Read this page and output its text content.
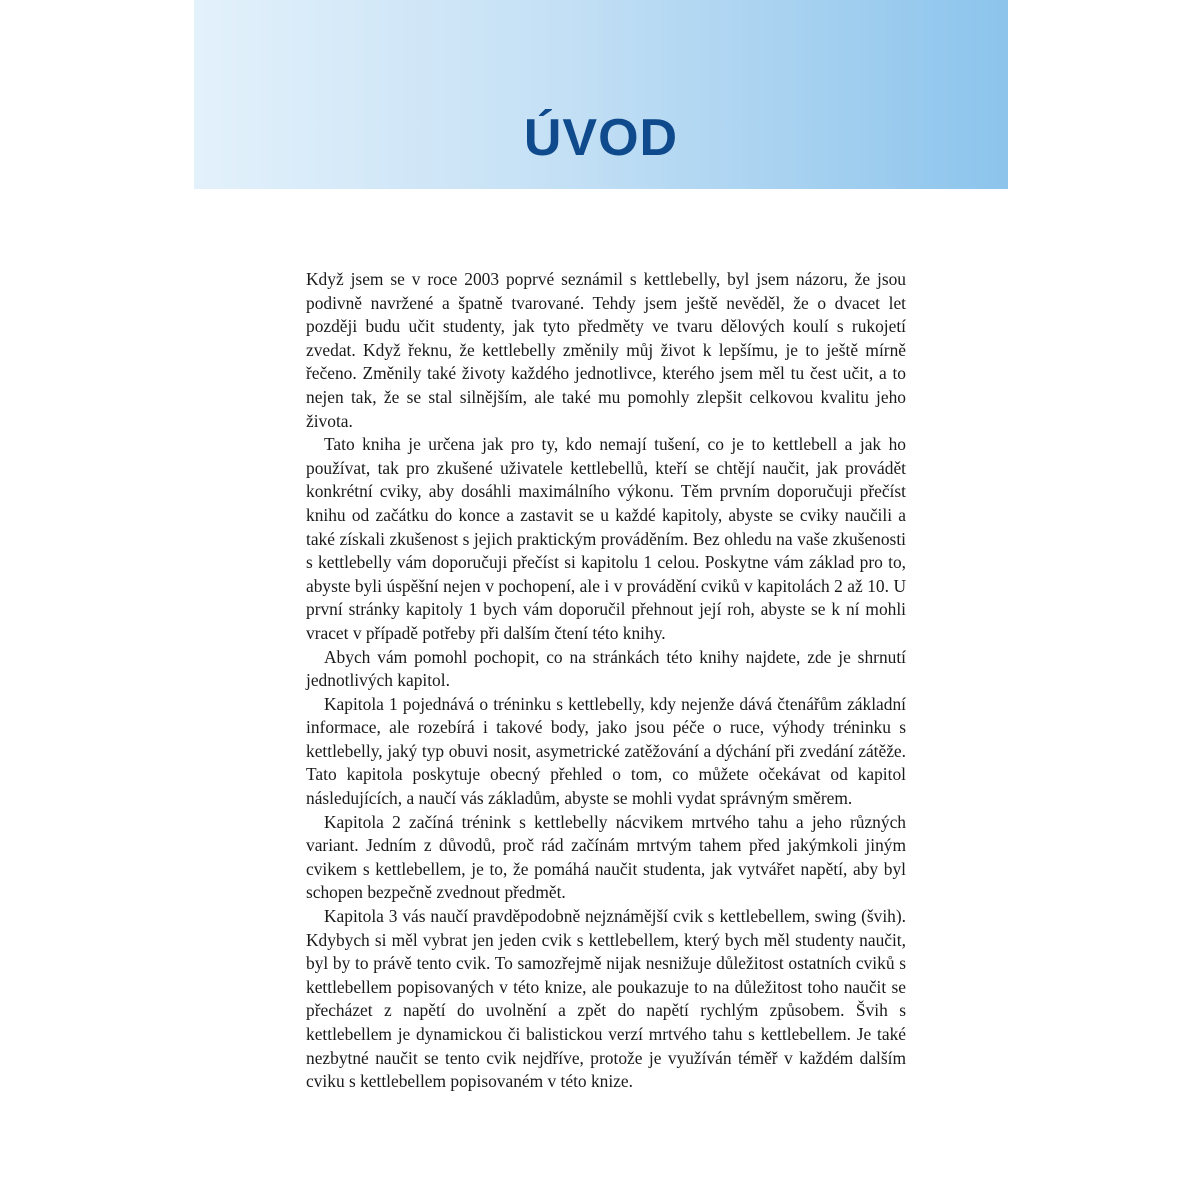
ÚVOD

Když jsem se v roce 2003 poprvé seznámil s kettlebelly, byl jsem názoru, že jsou podivně navržené a špatně tvarované. Tehdy jsem ještě nevěděl, že o dvacet let později budu učit studenty, jak tyto předměty ve tvaru dělových koulí s rukojetí zvedat. Když řeknu, že kettlebelly změnily můj život k lepšímu, je to ještě mírně řečeno. Změnily také životy každého jednotlivce, kterého jsem měl tu čest učit, a to nejen tak, že se stal silnějším, ale také mu pomohly zlepšit celkovou kvalitu jeho života.

Tato kniha je určena jak pro ty, kdo nemají tušení, co je to kettlebell a jak ho používat, tak pro zkušené uživatele kettlebellů, kteří se chtějí naučit, jak provádět konkrétní cviky, aby dosáhli maximálního výkonu. Těm prvním doporučuji přečíst knihu od začátku do konce a zastavit se u každé kapitoly, abyste se cviky naučili a také získali zkušenost s jejich praktickým prováděním. Bez ohledu na vaše zkušenosti s kettlebelly vám doporučuji přečíst si kapitolu 1 celou. Poskytne vám základ pro to, abyste byli úspěšní nejen v pochopení, ale i v provádění cviků v kapitolách 2 až 10. U první stránky kapitoly 1 bych vám doporučil přehnout její roh, abyste se k ní mohli vracet v případě potřeby při dalším čtení této knihy.

Abych vám pomohl pochopit, co na stránkách této knihy najdete, zde je shrnutí jednotlivých kapitol.

Kapitola 1 pojednává o tréninku s kettlebelly, kdy nejenže dává čtenářům základní informace, ale rozebírá i takové body, jako jsou péče o ruce, výhody tréninku s kettlebelly, jaký typ obuvi nosit, asymetrické zatěžování a dýchání při zvedání zátěže. Tato kapitola poskytuje obecný přehled o tom, co můžete očekávat od kapitol následujících, a naučí vás základům, abyste se mohli vydat správným směrem.

Kapitola 2 začíná trénink s kettlebelly nácvikem mrtvého tahu a jeho různých variant. Jedním z důvodů, proč rád začínám mrtvým tahem před jakýmkoli jiným cvikem s kettlebellem, je to, že pomáhá naučit studenta, jak vytvářet napětí, aby byl schopen bezpečně zvednout předmět.

Kapitola 3 vás naučí pravděpodobně nejznámější cvik s kettlebellem, swing (švih). Kdybych si měl vybrat jen jeden cvik s kettlebellem, který bych měl studenty naučit, byl by to právě tento cvik. To samozřejmě nijak nesnižuje důležitost ostatních cviků s kettlebellem popisovaných v této knize, ale poukazuje to na důležitost toho naučit se přecházet z napětí do uvolnění a zpět do napětí rychlým způsobem. Švih s kettlebellem je dynamickou či balistickou verzí mrtvého tahu s kettlebellem. Je také nezbytné naučit se tento cvik nejdříve, protože je využíván téměř v každém dalším cviku s kettlebellem popisovaném v této knize.
